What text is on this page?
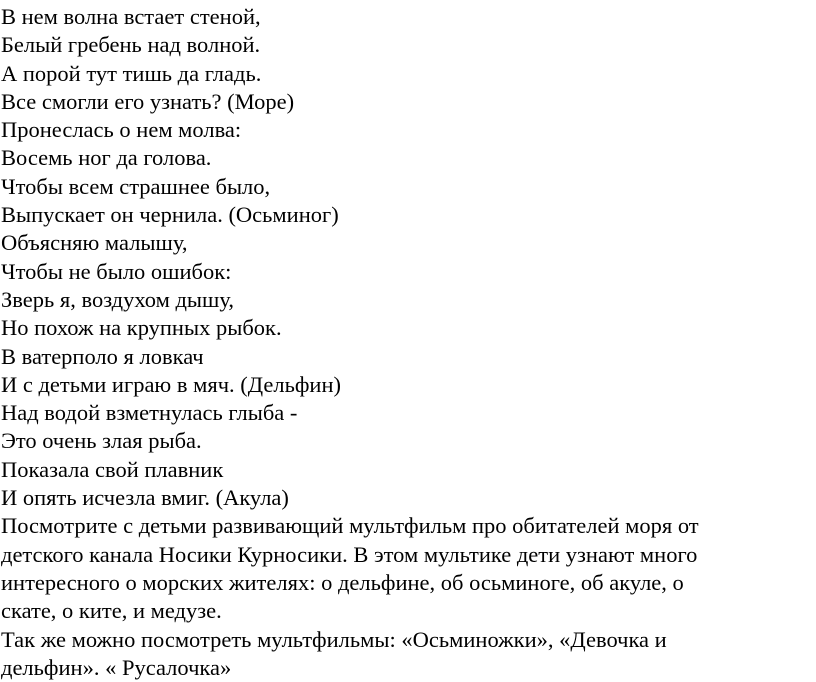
В нем волна встает стеной,
Белый гребень над волной.
А порой тут тишь да гладь.
Все смогли его узнать? (Море)
Пронеслась о нем молва:
Восемь ног да голова.
Чтобы всем страшнее было,
Выпускает он чернила. (Осьминог)
Объясняю малышу,
Чтобы не было ошибок:
Зверь я, воздухом дышу,
Но похож на крупных рыбок.
В ватерполо я ловкач
И с детьми играю в мяч. (Дельфин)
Над водой взметнулась глыба -
Это очень злая рыба.
Показала свой плавник
И опять исчезла вмиг. (Акула)
Посмотрите с детьми развивающий мультфильм про обитателей моря от
детского канала Носики Курносики. В этом мультике дети узнают много
интересного о морских жителях: о дельфине, об осьминоге, об акуле, о
скате, о ките, и медузе.
Так же можно посмотреть мультфильмы: «Осьминожки», «Девочка и
дельфин». « Русалочка»
